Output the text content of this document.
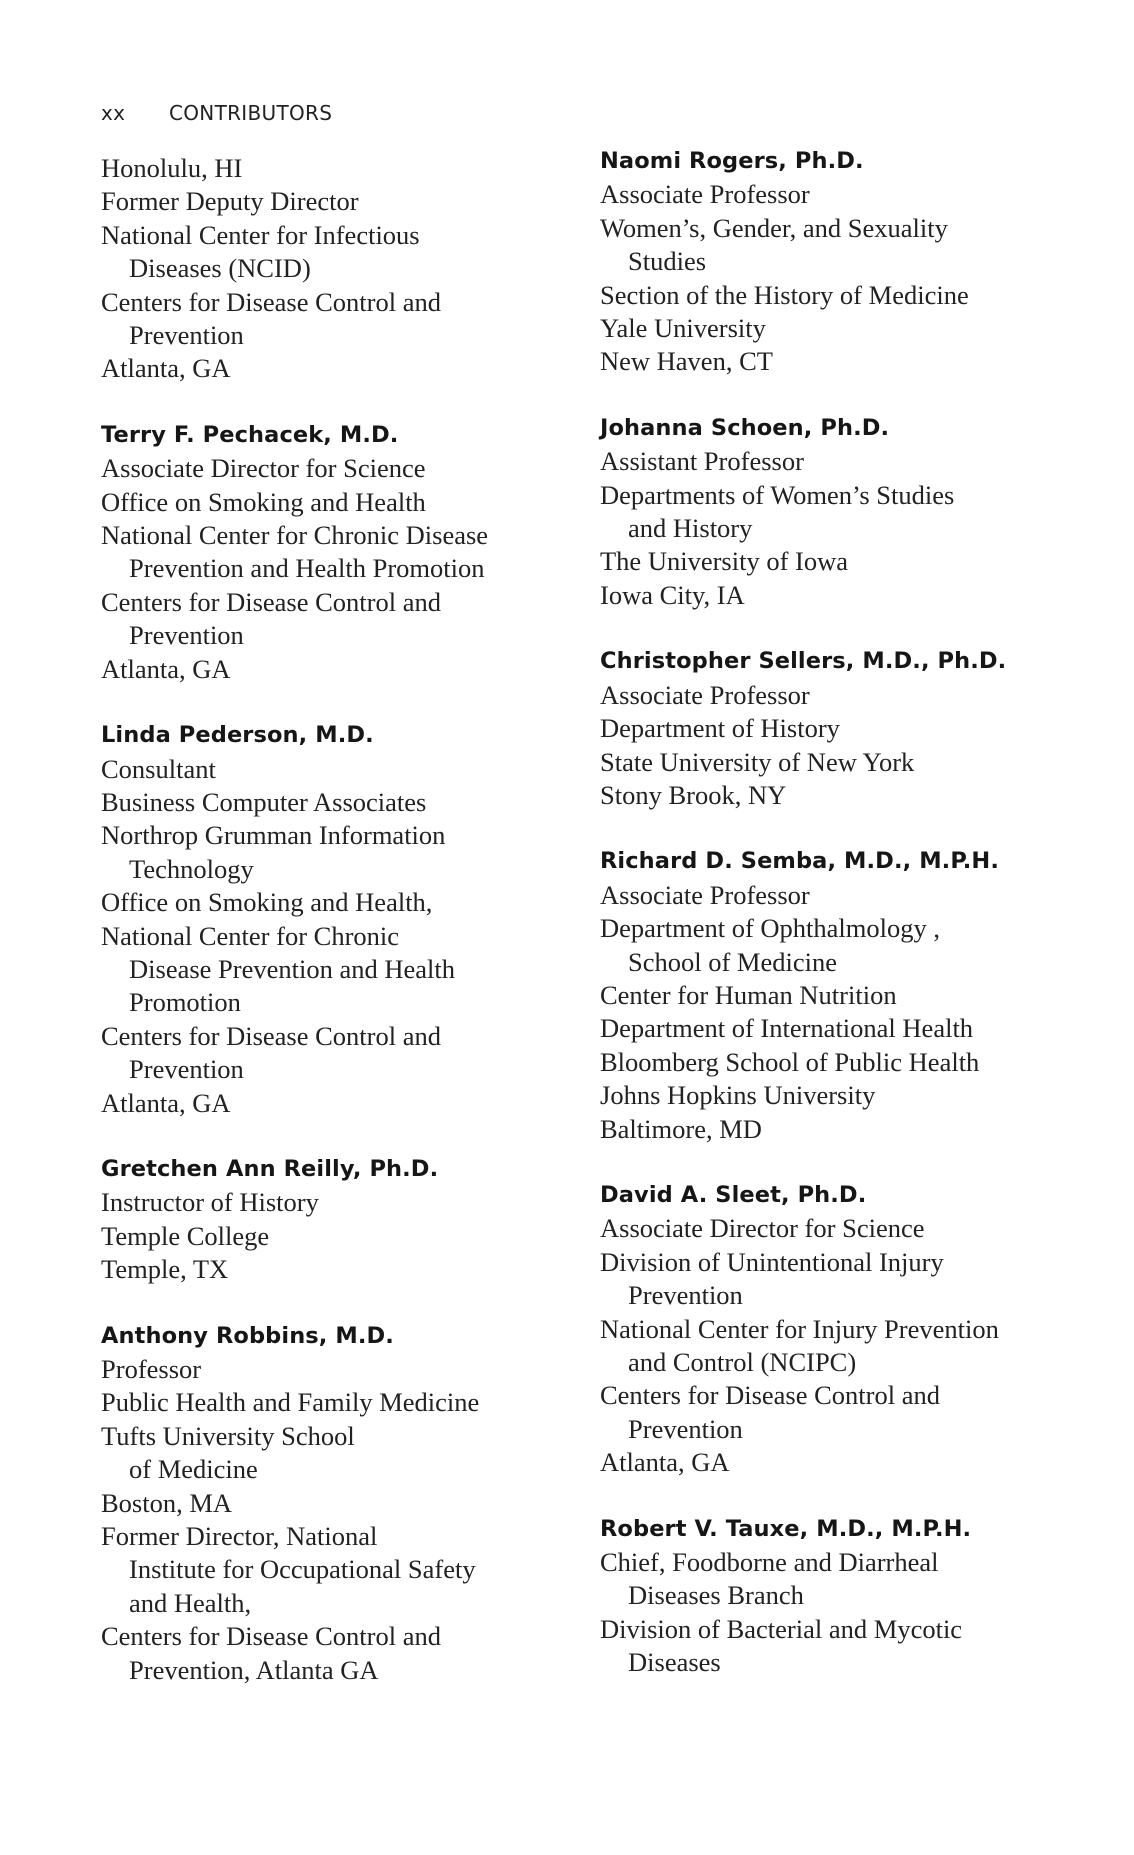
xx CONTRIBUTORS
Honolulu, HI
Former Deputy Director
National Center for Infectious
Diseases (NCID)
Centers for Disease Control and
Prevention
Atlanta, GA
Terry F. Pechacek, M.D.
Associate Director for Science
Office on Smoking and Health
National Center for Chronic Disease
Prevention and Health Promotion
Centers for Disease Control and
Prevention
Atlanta, GA
Linda Pederson, M.D.
Consultant
Business Computer Associates
Northrop Grumman Information
Technology
Office on Smoking and Health,
National Center for Chronic
Disease Prevention and Health
Promotion
Centers for Disease Control and
Prevention
Atlanta, GA
Gretchen Ann Reilly, Ph.D.
Instructor of History
Temple College
Temple, TX
Anthony Robbins, M.D.
Professor
Public Health and Family Medicine
Tufts University School
of Medicine
Boston, MA
Former Director, National
Institute for Occupational Safety
and Health,
Centers for Disease Control and
Prevention, Atlanta GA
Naomi Rogers, Ph.D.
Associate Professor
Women’s, Gender, and Sexuality
Studies
Section of the History of Medicine
Yale University
New Haven, CT
Johanna Schoen, Ph.D.
Assistant Professor
Departments of Women’s Studies
and History
The University of Iowa
Iowa City, IA
Christopher Sellers, M.D., Ph.D.
Associate Professor
Department of History
State University of New York
Stony Brook, NY
Richard D. Semba, M.D., M.P.H.
Associate Professor
Department of Ophthalmology ,
School of Medicine
Center for Human Nutrition
Department of International Health
Bloomberg School of Public Health
Johns Hopkins University
Baltimore, MD
David A. Sleet, Ph.D.
Associate Director for Science
Division of Unintentional Injury
Prevention
National Center for Injury Prevention
and Control (NCIPC)
Centers for Disease Control and
Prevention
Atlanta, GA
Robert V. Tauxe, M.D., M.P.H.
Chief, Foodborne and Diarrheal
Diseases Branch
Division of Bacterial and Mycotic
Diseases
